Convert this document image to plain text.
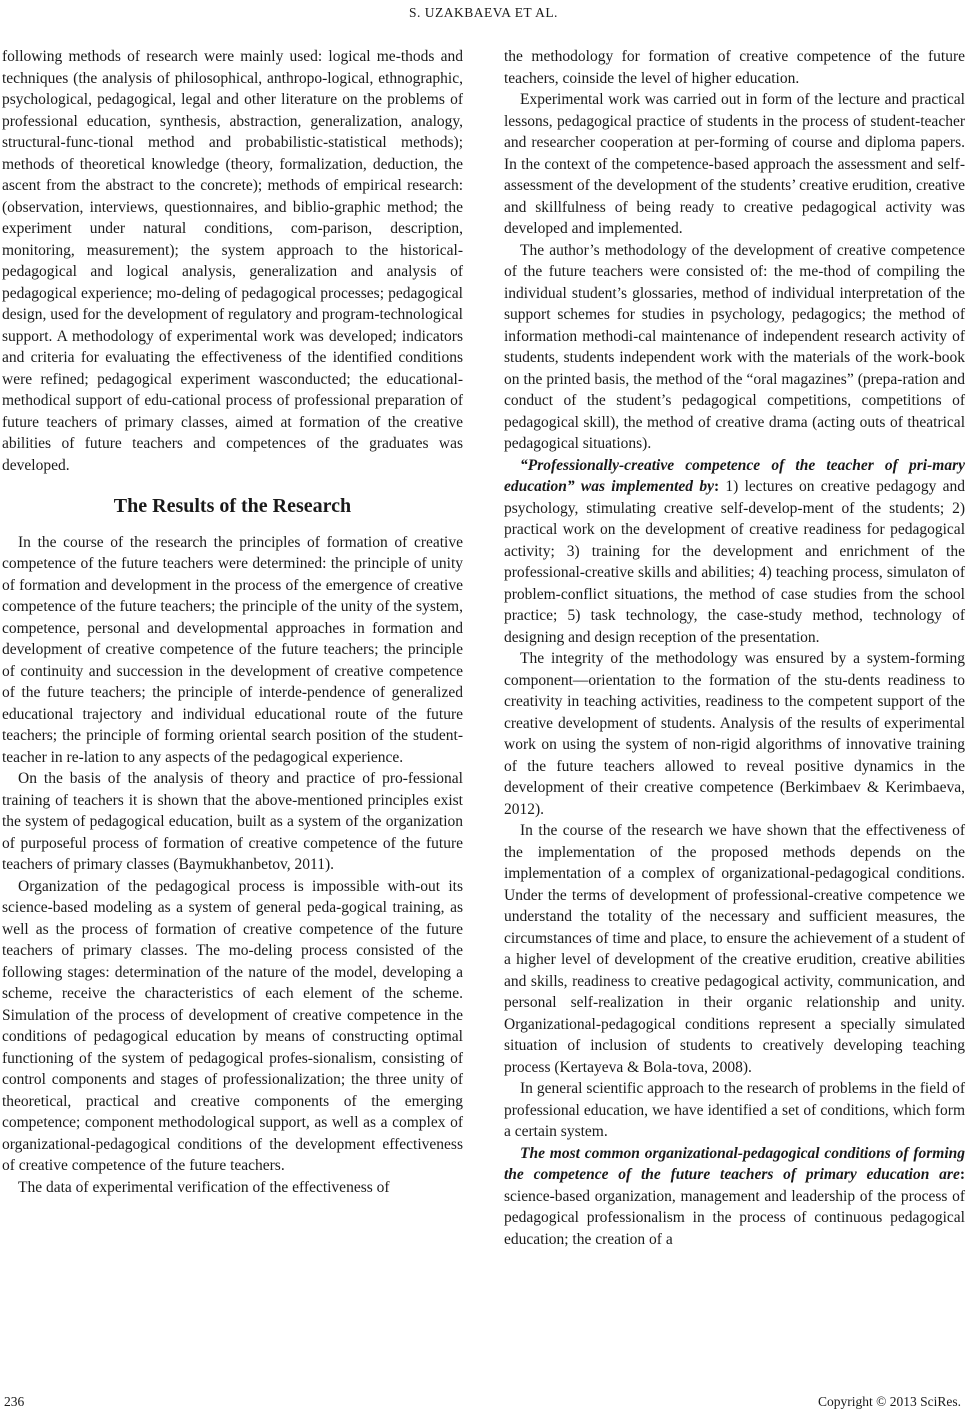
S. UZAKBAEVA ET AL.

following methods of research were mainly used: logical me-thods and techniques (the analysis of philosophical, anthropo-logical, ethnographic, psychological, pedagogical, legal and other literature on the problems of professional education, synthesis, abstraction, generalization, analogy, structural-func-tional method and probabilistic-statistical methods); methods of theoretical knowledge (theory, formalization, deduction, the ascent from the abstract to the concrete); methods of empirical research: (observation, interviews, questionnaires, and biblio-graphic method; the experiment under natural conditions, com-parison, description, monitoring, measurement); the system approach to the historical-pedagogical and logical analysis, generalization and analysis of pedagogical experience; mo-deling of pedagogical processes; pedagogical design, used for the development of regulatory and program-technological support. A methodology of experimental work was developed; indicators and criteria for evaluating the effectiveness of the identified conditions were refined; pedagogical experiment wasconducted; the educational-methodical support of edu-cational process of professional preparation of future teachers of primary classes, aimed at formation of the creative abilities of future teachers and competences of the graduates was developed.

The Results of the Research

In the course of the research the principles of formation of creative competence of the future teachers were determined: the principle of unity of formation and development in the process of the emergence of creative competence of the future teachers; the principle of the unity of the system, competence, personal and developmental approaches in formation and development of creative competence of the future teachers; the principle of continuity and succession in the development of creative competence of the future teachers; the principle of interde-pendence of generalized educational trajectory and individual educational route of the future teachers; the principle of forming oriental search position of the student-teacher in re-lation to any aspects of the pedagogical experience.

On the basis of the analysis of theory and practice of pro-fessional training of teachers it is shown that the above-mentioned principles exist the system of pedagogical education, built as a system of the organization of purposeful process of formation of creative competence of the future teachers of primary classes (Baymukhanbetov, 2011).

Organization of the pedagogical process is impossible with-out its science-based modeling as a system of general peda-gogical training, as well as the process of formation of creative competence of the future teachers of primary classes. The mo-deling process consisted of the following stages: determination of the nature of the model, developing a scheme, receive the characteristics of each element of the scheme. Simulation of the process of development of creative competence in the conditions of pedagogical education by means of constructing optimal functioning of the system of pedagogical profes-sionalism, consisting of control components and stages of professionalization; the three unity of theoretical, practical and creative components of the emerging competence; component methodological support, as well as a complex of organizational-pedagogical conditions of the development effectiveness of creative competence of the future teachers.

The data of experimental verification of the effectiveness of

the methodology for formation of creative competence of the future teachers, coinside the level of higher education.

Experimental work was carried out in form of the lecture and practical lessons, pedagogical practice of students in the process of student-teacher and researcher cooperation at per-forming of course and diploma papers. In the context of the competence-based approach the assessment and self-assessment of the development of the students’ creative erudition, creative and skillfulness of being ready to creative pedagogical activity was developed and implemented.

The author’s methodology of the development of creative competence of the future teachers were consisted of: the me-thod of compiling the individual student’s glossaries, method of individual interpretation of the support schemes for studies in psychology, pedagogics; the method of information methodi-cal maintenance of independent research activity of students, students independent work with the materials of the work-book on the printed basis, the method of the “oral magazines” (prepa-ration and conduct of the student’s pedagogical competitions, competitions of pedagogical skill), the method of creative drama (acting outs of theatrical pedagogical situations).

“Professionally-creative competence of the teacher of pri-mary education” was implemented by: 1) lectures on creative pedagogy and psychology, stimulating creative self-develop-ment of the students; 2) practical work on the development of creative readiness for pedagogical activity; 3) training for the development and enrichment of the professional-creative skills and abilities; 4) teaching process, simulaton of problem-conflict situations, the method of case studies from the school practice; 5) task technology, the case-study method, technology of designing and design reception of the presentation.

The integrity of the methodology was ensured by a system-forming component—orientation to the formation of the stu-dents readiness to creativity in teaching activities, readiness to the competent support of the creative development of students. Analysis of the results of experimental work on using the system of non-rigid algorithms of innovative training of the future teachers allowed to reveal positive dynamics in the development of their creative competence (Berkimbaev & Kerimbaeva, 2012).

In the course of the research we have shown that the effectiveness of the implementation of the proposed methods depends on the implementation of a complex of organizational-pedagogical conditions. Under the terms of development of professional-creative competence we understand the totality of the necessary and sufficient measures, the circumstances of time and place, to ensure the achievement of a student of a higher level of development of the creative erudition, creative abilities and skills, readiness to creative pedagogical activity, communication, and personal self-realization in their organic relationship and unity. Organizational-pedagogical conditions represent a specially simulated situation of inclusion of students to creatively developing teaching process (Kertayeva & Bola-tova, 2008).

In general scientific approach to the research of problems in the field of professional education, we have identified a set of conditions, which form a certain system.

The most common organizational-pedagogical conditions of forming the competence of the future teachers of primary education are: science-based organization, management and leadership of the process of pedagogical professionalism in the process of continuous pedagogical education; the creation of a

236	Copyright © 2013 SciRes.
